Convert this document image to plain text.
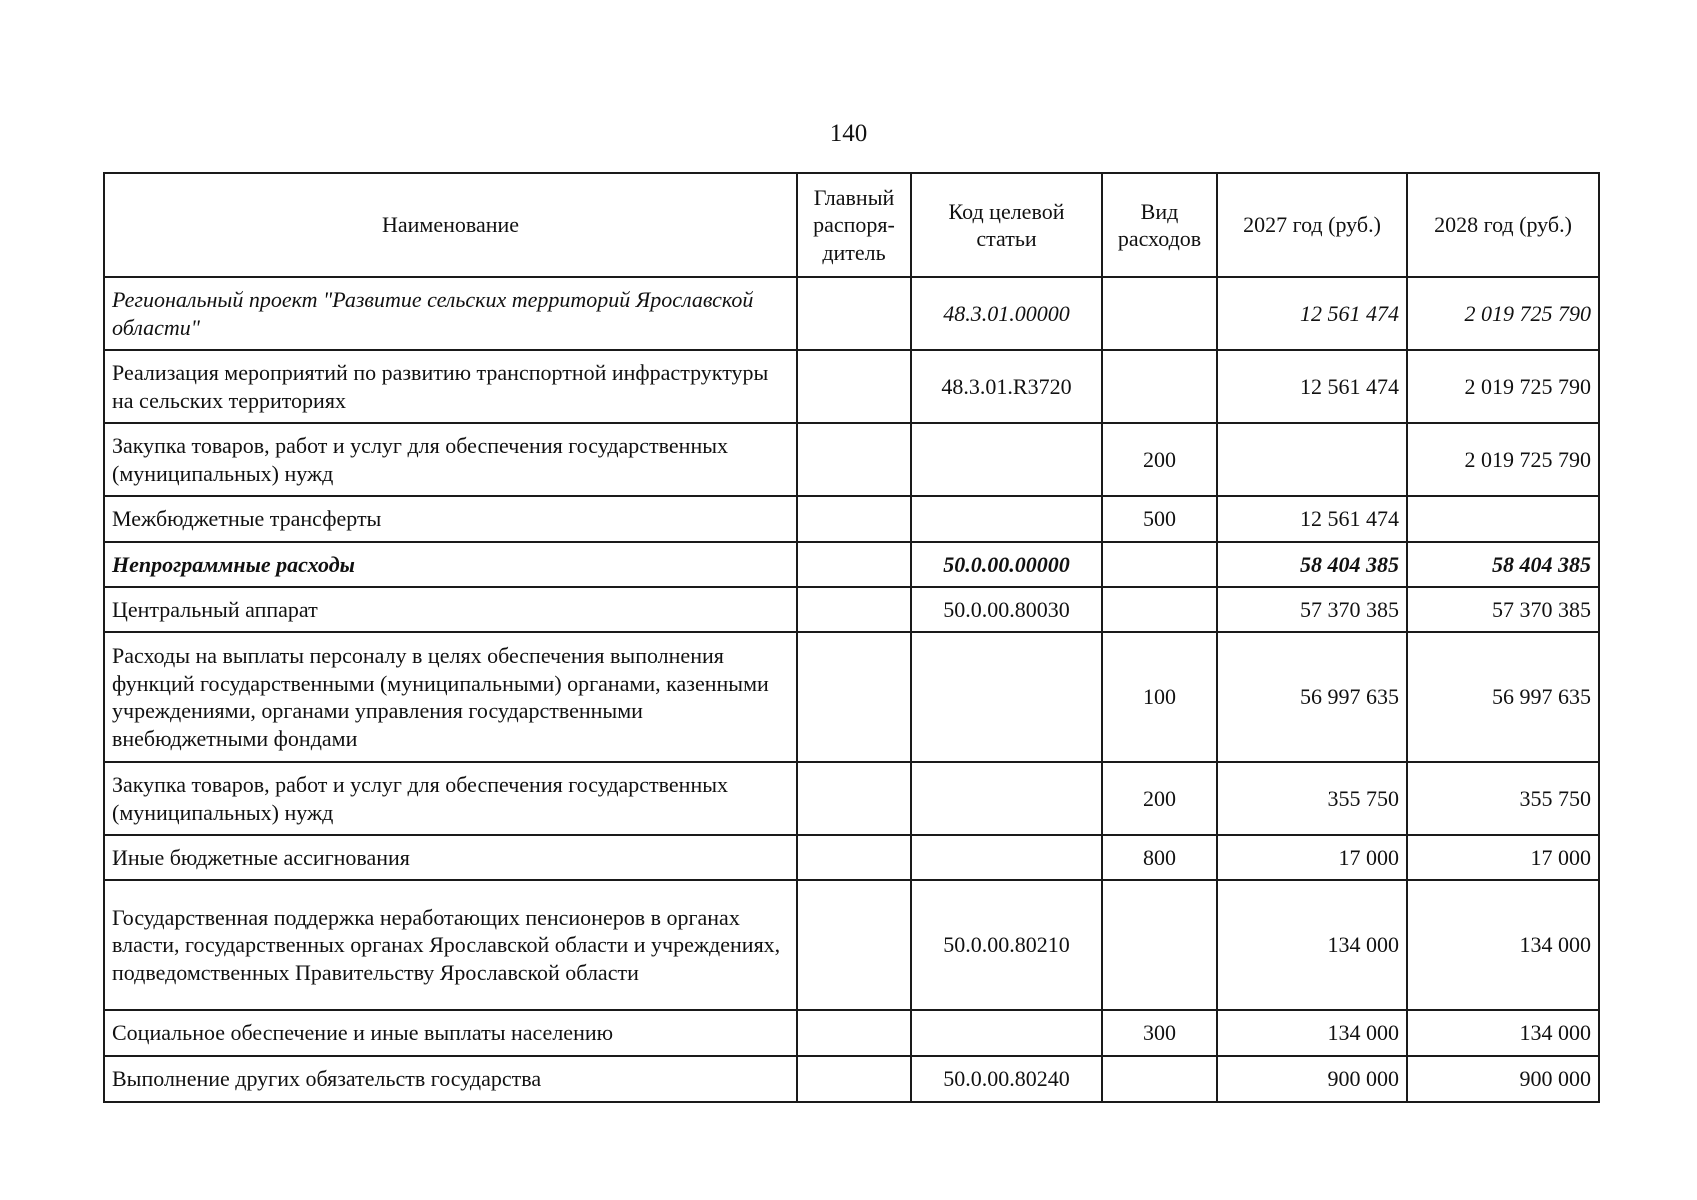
140
Наименование	Главный распоря-дитель	Код целевой статьи	Вид расходов	2027 год (руб.)	2028 год (руб.)
Региональный проект "Развитие сельских территорий Ярославской области"		48.3.01.00000		12 561 474	2 019 725 790
Реализация мероприятий по развитию транспортной инфраструктуры на сельских территориях		48.3.01.R3720		12 561 474	2 019 725 790
Закупка товаров, работ и услуг для обеспечения государственных (муниципальных) нужд			200		2 019 725 790
Межбюджетные трансферты			500	12 561 474	
Непрограммные расходы		50.0.00.00000		58 404 385	58 404 385
Центральный аппарат		50.0.00.80030		57 370 385	57 370 385
Расходы на выплаты персоналу в целях обеспечения выполнения функций государственными (муниципальными) органами, казенными учреждениями, органами управления государственными внебюджетными фондами			100	56 997 635	56 997 635
Закупка товаров, работ и услуг для обеспечения государственных (муниципальных) нужд			200	355 750	355 750
Иные бюджетные ассигнования			800	17 000	17 000
Государственная поддержка неработающих пенсионеров в органах власти, государственных органах Ярославской области и учреждениях, подведомственных Правительству Ярославской области		50.0.00.80210		134 000	134 000
Социальное обеспечение и иные выплаты населению			300	134 000	134 000
Выполнение других обязательств государства		50.0.00.80240		900 000	900 000
